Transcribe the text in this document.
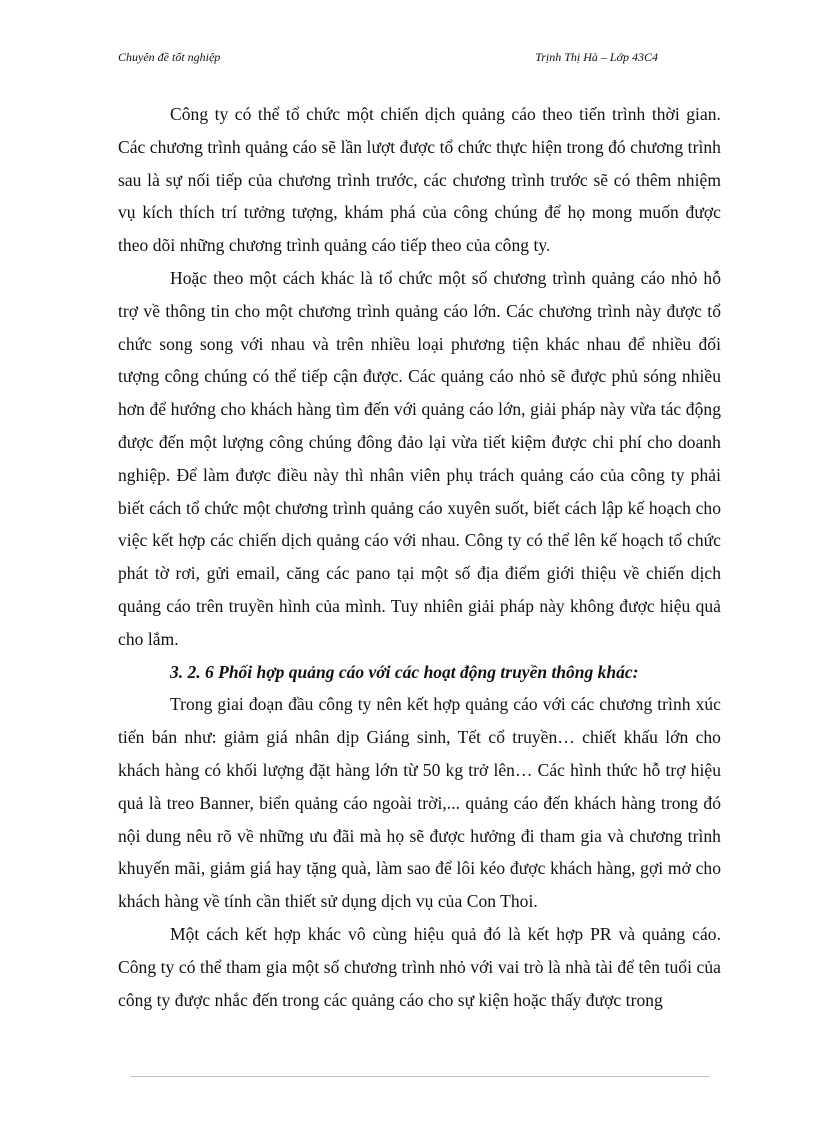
Chuyên đề tốt nghiệp	Trịnh Thị Hà – Lớp 43C4

Công ty có thể tổ chức một chiến dịch quảng cáo theo tiến trình thời gian. Các chương trình quảng cáo sẽ lần lượt được tổ chức thực hiện trong đó chương trình sau là sự nối tiếp của chương trình trước, các chương trình trước sẽ có thêm nhiệm vụ kích thích trí tưởng tượng, khám phá của công chúng để họ mong muốn được theo dõi những chương trình quảng cáo tiếp theo của công ty.

Hoặc theo một cách khác là tổ chức một số chương trình quảng cáo nhỏ hỗ trợ về thông tin cho một chương trình quảng cáo lớn. Các chương trình này được tổ chức song song với nhau và trên nhiều loại phương tiện khác nhau để nhiều đối tượng công chúng có thể tiếp cận được. Các quảng cáo nhỏ sẽ được phủ sóng nhiều hơn để hướng cho khách hàng tìm đến với quảng cáo lớn, giải pháp này vừa tác động được đến một lượng công chúng đông đảo lại vừa tiết kiệm được chi phí cho doanh nghiệp. Để làm được điều này thì nhân viên phụ trách quảng cáo của công ty phải biết cách tổ chức một chương trình quảng cáo xuyên suốt, biết cách lập kế hoạch cho việc kết hợp các chiến dịch quảng cáo với nhau. Công ty có thể lên kế hoạch tổ chức phát tờ rơi, gửi email, căng các pano tại một số địa điểm giới thiệu về chiến dịch quảng cáo trên truyền hình của mình. Tuy nhiên giải pháp này không được hiệu quả cho lắm.

3. 2. 6 Phối hợp quảng cáo với các hoạt động truyền thông khác:

Trong giai đoạn đầu công ty nên kết hợp quảng cáo với các chương trình xúc tiến bán như: giảm giá nhân dịp Giáng sinh, Tết cổ truyền… chiết khấu lớn cho khách hàng có khối lượng đặt hàng lớn từ 50 kg trở lên… Các hình thức hỗ trợ hiệu quả là treo Banner, biển quảng cáo ngoài trời,... quảng cáo đến khách hàng trong đó nội dung nêu rõ về những ưu đãi mà họ sẽ được hưởng đi tham gia và chương trình khuyến mãi, giảm giá hay tặng quà, làm sao để lôi kéo được khách hàng, gợi mở cho khách hàng về tính cần thiết sử dụng dịch vụ của Con Thoi.

Một cách kết hợp khác vô cùng hiệu quả đó là kết hợp PR và quảng cáo. Công ty có thể tham gia một số chương trình nhỏ với vai trò là nhà tài để tên tuổi của công ty được nhắc đến trong các quảng cáo cho sự kiện hoặc thấy được trong
